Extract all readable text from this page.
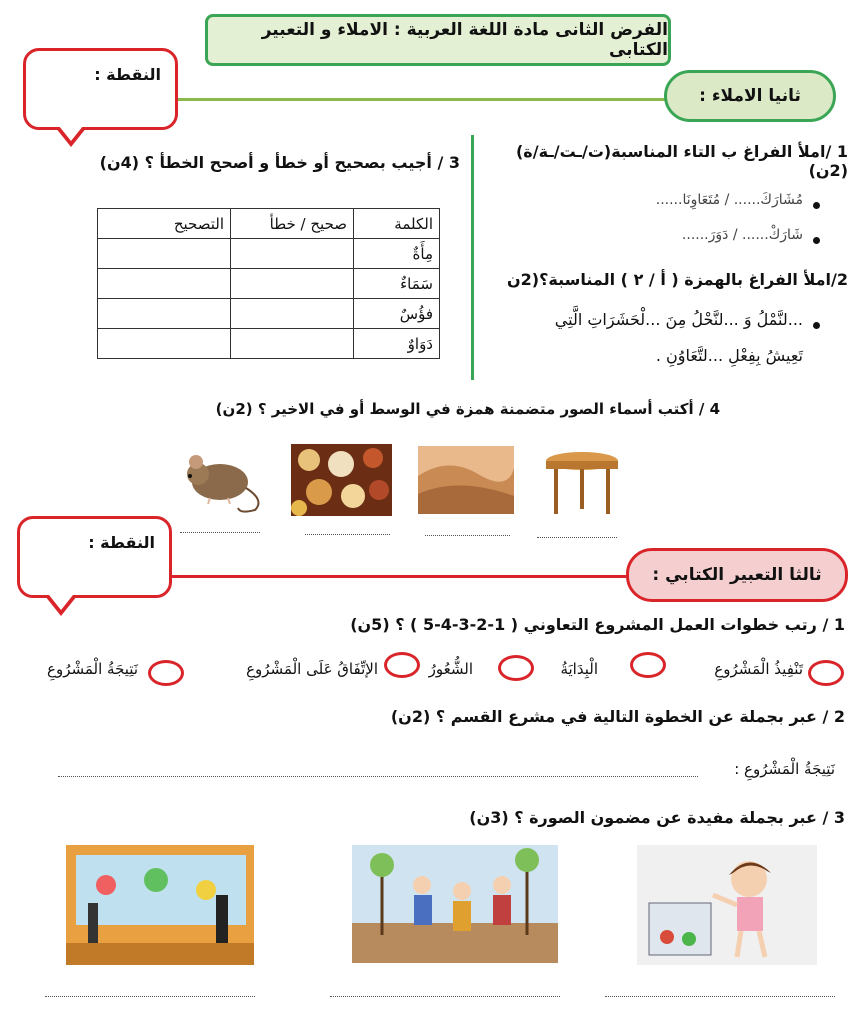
الفرض الثانى مادة اللغة العربية : الاملاء و التعبير الكتابى
ثانيا الاملاء :
النقطة :
1 /املأ الفراغ ب التاء المناسبة(ت/ـت/ـة/ة)(2ن)
مُشَارَكَ...... / مُتَعَاوِنَا......
شَارَكْ...... / دَوَرَ......
2/املأ الفراغ بالهمزة ( أ / ٢ ) المناسبة؟(2ن
...لنَّمْلُ وَ ...لنَّحْلُ مِنَ ...لْحَشَرَاتِ الَّتِي
تَعِيشُ بِفِعْلِ ...لتَّعَاوُنِ .
3 / أجيب بصحيح أو خطأ و أصحح الخطأ ؟ (4ن)
التصحيح	صحيح / خطأ	الكلمة
		مِأَةٌ
		سَمَاءٌ
		فؤُسٌ
		دَوَاوٌ
4 / أكتب أسماء الصور متضمنة همزة في الوسط أو في الاخير ؟ (2ن)
ثالثا التعبير الكتابي :
النقطة :
1 / رتب خطوات العمل المشروع التعاوني ( 1-2-3-4-5 ) ؟ (5ن)
تَنْفِيذُ الْمَشْرُوعِ
الْبِدَايَةُ
الشُّعُورُ
الإتِّفَاقُ عَلَى الْمَشْرُوعِ
نَتِيجَةُ الْمَشْرُوعِ
2 / عبر بجملة عن الخطوة التالية في مشرع القسم ؟ (2ن)
نَتِيجَةُ الْمَشْرُوعِ :
3 / عبر بجملة مفيدة عن مضمون الصورة ؟ (3ن)
